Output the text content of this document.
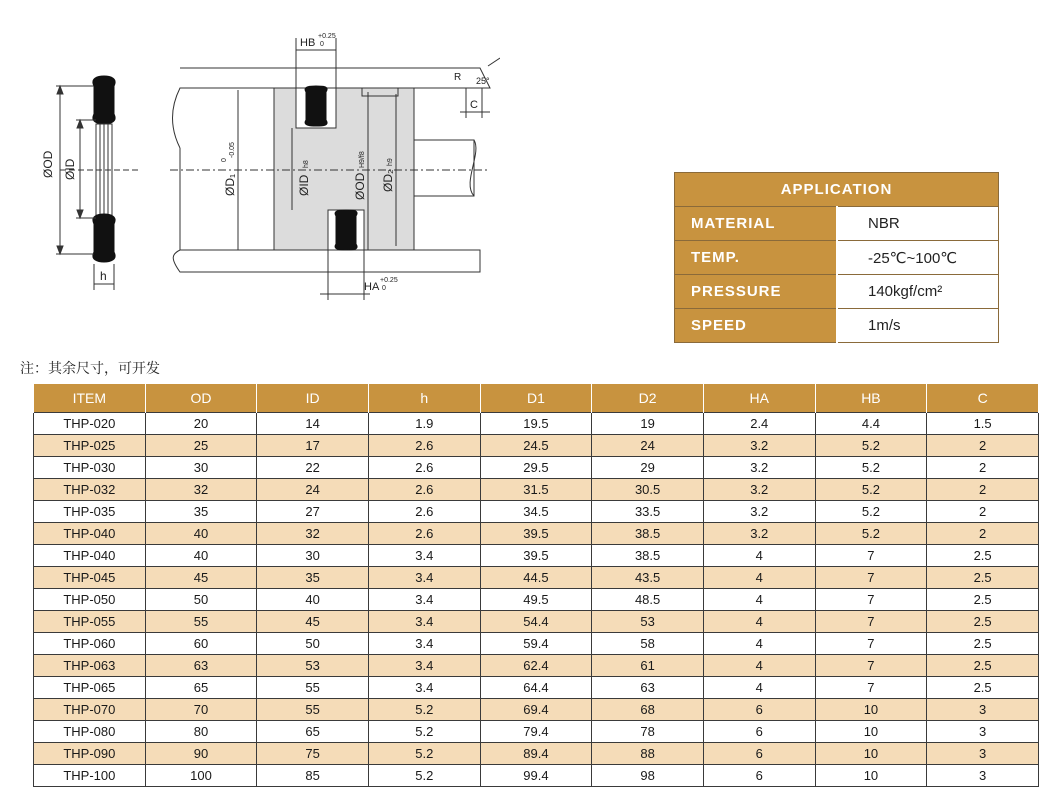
ØOD ØID
h
HB
+0.25
0
HA
+0.25
0
ØD₁
0
-0.05
ØID
h8
ØOD
H9/f8
ØD₂
h9
R
C
25°
APPLICATION	
MATERIAL	NBR
TEMP.	-25℃~100℃
PRESSURE	140kgf/cm²
SPEED	1m/s
注：其余尺寸，可开发
ITEM	OD	ID	h	D1	D2	HA	HB	C
THP-020	20	14	1.9	19.5	19	2.4	4.4	1.5
THP-025	25	17	2.6	24.5	24	3.2	5.2	2
THP-030	30	22	2.6	29.5	29	3.2	5.2	2
THP-032	32	24	2.6	31.5	30.5	3.2	5.2	2
THP-035	35	27	2.6	34.5	33.5	3.2	5.2	2
THP-040	40	32	2.6	39.5	38.5	3.2	5.2	2
THP-040	40	30	3.4	39.5	38.5	4	7	2.5
THP-045	45	35	3.4	44.5	43.5	4	7	2.5
THP-050	50	40	3.4	49.5	48.5	4	7	2.5
THP-055	55	45	3.4	54.4	53	4	7	2.5
THP-060	60	50	3.4	59.4	58	4	7	2.5
THP-063	63	53	3.4	62.4	61	4	7	2.5
THP-065	65	55	3.4	64.4	63	4	7	2.5
THP-070	70	55	5.2	69.4	68	6	10	3
THP-080	80	65	5.2	79.4	78	6	10	3
THP-090	90	75	5.2	89.4	88	6	10	3
THP-100	100	85	5.2	99.4	98	6	10	3
